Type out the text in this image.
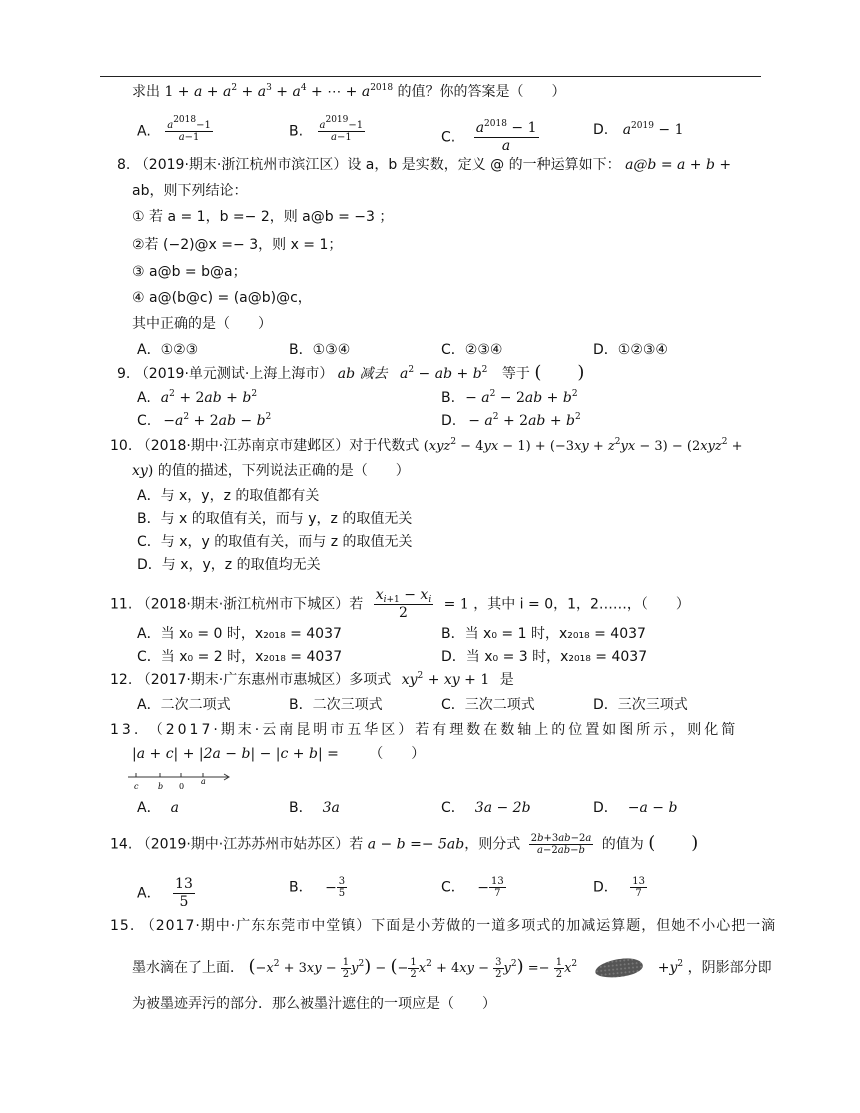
求出 $1 + a + a^2 + a^3 + a^4$ + ⋯ + $a^{2018}$ 的值？你的答案是（　　）
A. $\frac{a^{2018}-1}{a-1}$	B. $\frac{a^{2019}-1}{a-1}$	C. $\frac{a^{2018} - 1}{a}$	D. $a^{2019} - 1$
8. （2019·期末·浙江杭州市滨江区）设 a，b 是实数，定义 @ 的一种运算如下： a@b = a + b +
ab，则下列结论：
① 若 a = 1，b =− 2，则 a@b = −3 ；
②若 (−2)@x =− 3，则 x = 1；
③ a@b = b@a；
④ a@(b@c) = (a@b)@c，
其中正确的是（　　）
A．①②③	B．①③④	C．②③④	D．①②③④
9. （2019·单元测试·上海上海市） ab 减去 $a^2$ − ab + $b^2$ 等于 (　　)
A. $a^2 + 2ab + b^2$	B. − $a^2 - 2ab + b^2$
C. $-a^2 + 2ab - b^2$	D. − $a^2 + 2ab + b^2$
10. （2018·期中·江苏南京市建邺区）对于代数式 $(xyz^2 - 4yx - 1) + (-3xy + z^2yx - 3) - (2xyz^2$ +
xy) 的值的描述，下列说法正确的是（　　）
A．与 x，y，z 的取值都有关
B．与 x 的取值有关，而与 y，z 的取值无关
C．与 x，y 的取值有关，而与 z 的取值无关
D．与 x，y，z 的取值均无关
11. （2018·期末·浙江杭州市下城区）若 $\frac{x_{i+1} - x_i}{2} = 1$ ，其中 i = 0，1，2……，（　　）
A．当 x₀ = 0 时，x₂₀₁₈ = 4037	B．当 x₀ = 1 时，x₂₀₁₈ = 4037
C．当 x₀ = 2 时，x₂₀₁₈ = 4037	D．当 x₀ = 3 时，x₂₀₁₈ = 4037
12. （2017·期末·广东惠州市惠城区）多项式 $xy^2$ + xy + 1 是
A．二次二项式	B．二次三项式	C．三次二项式	D．三次三项式
13. （2017·期末·云南昆明市五华区）若有理数在数轴上的位置如图所示，则化简
|a + c| + |2a − b| − |c + b| = （　　）
c b 0
a
A． a	B． 3a	C． 3a − 2b	D． −a − b
14. （2019·期中·江苏苏州市姑苏区）若 a − b =− 5ab，则分式 $\frac{2b+3ab-2a}{a-2ab-b}$ 的值为 (　　)
A． $\frac{13}{5}$	B． − $\frac{3}{5}$	C． − $\frac{13}{7}$	D． $\frac{13}{7}$
15. （2017·期中·广东东莞市中堂镇）下面是小芳做的一道多项式的加减运算题，但她不小心把一滴
墨水滴在了上面． $(-x^2 + 3xy - \frac{1}{2} y^2)$ − (− $\frac{1}{2} x^2 + 4xy - \frac{3}{2} y^2) =- \frac{1}{2} x^2$	$+y^2$ ，阴影部分即
为被墨迹弄污的部分．那么被墨汁遮住的一项应是（　　）
